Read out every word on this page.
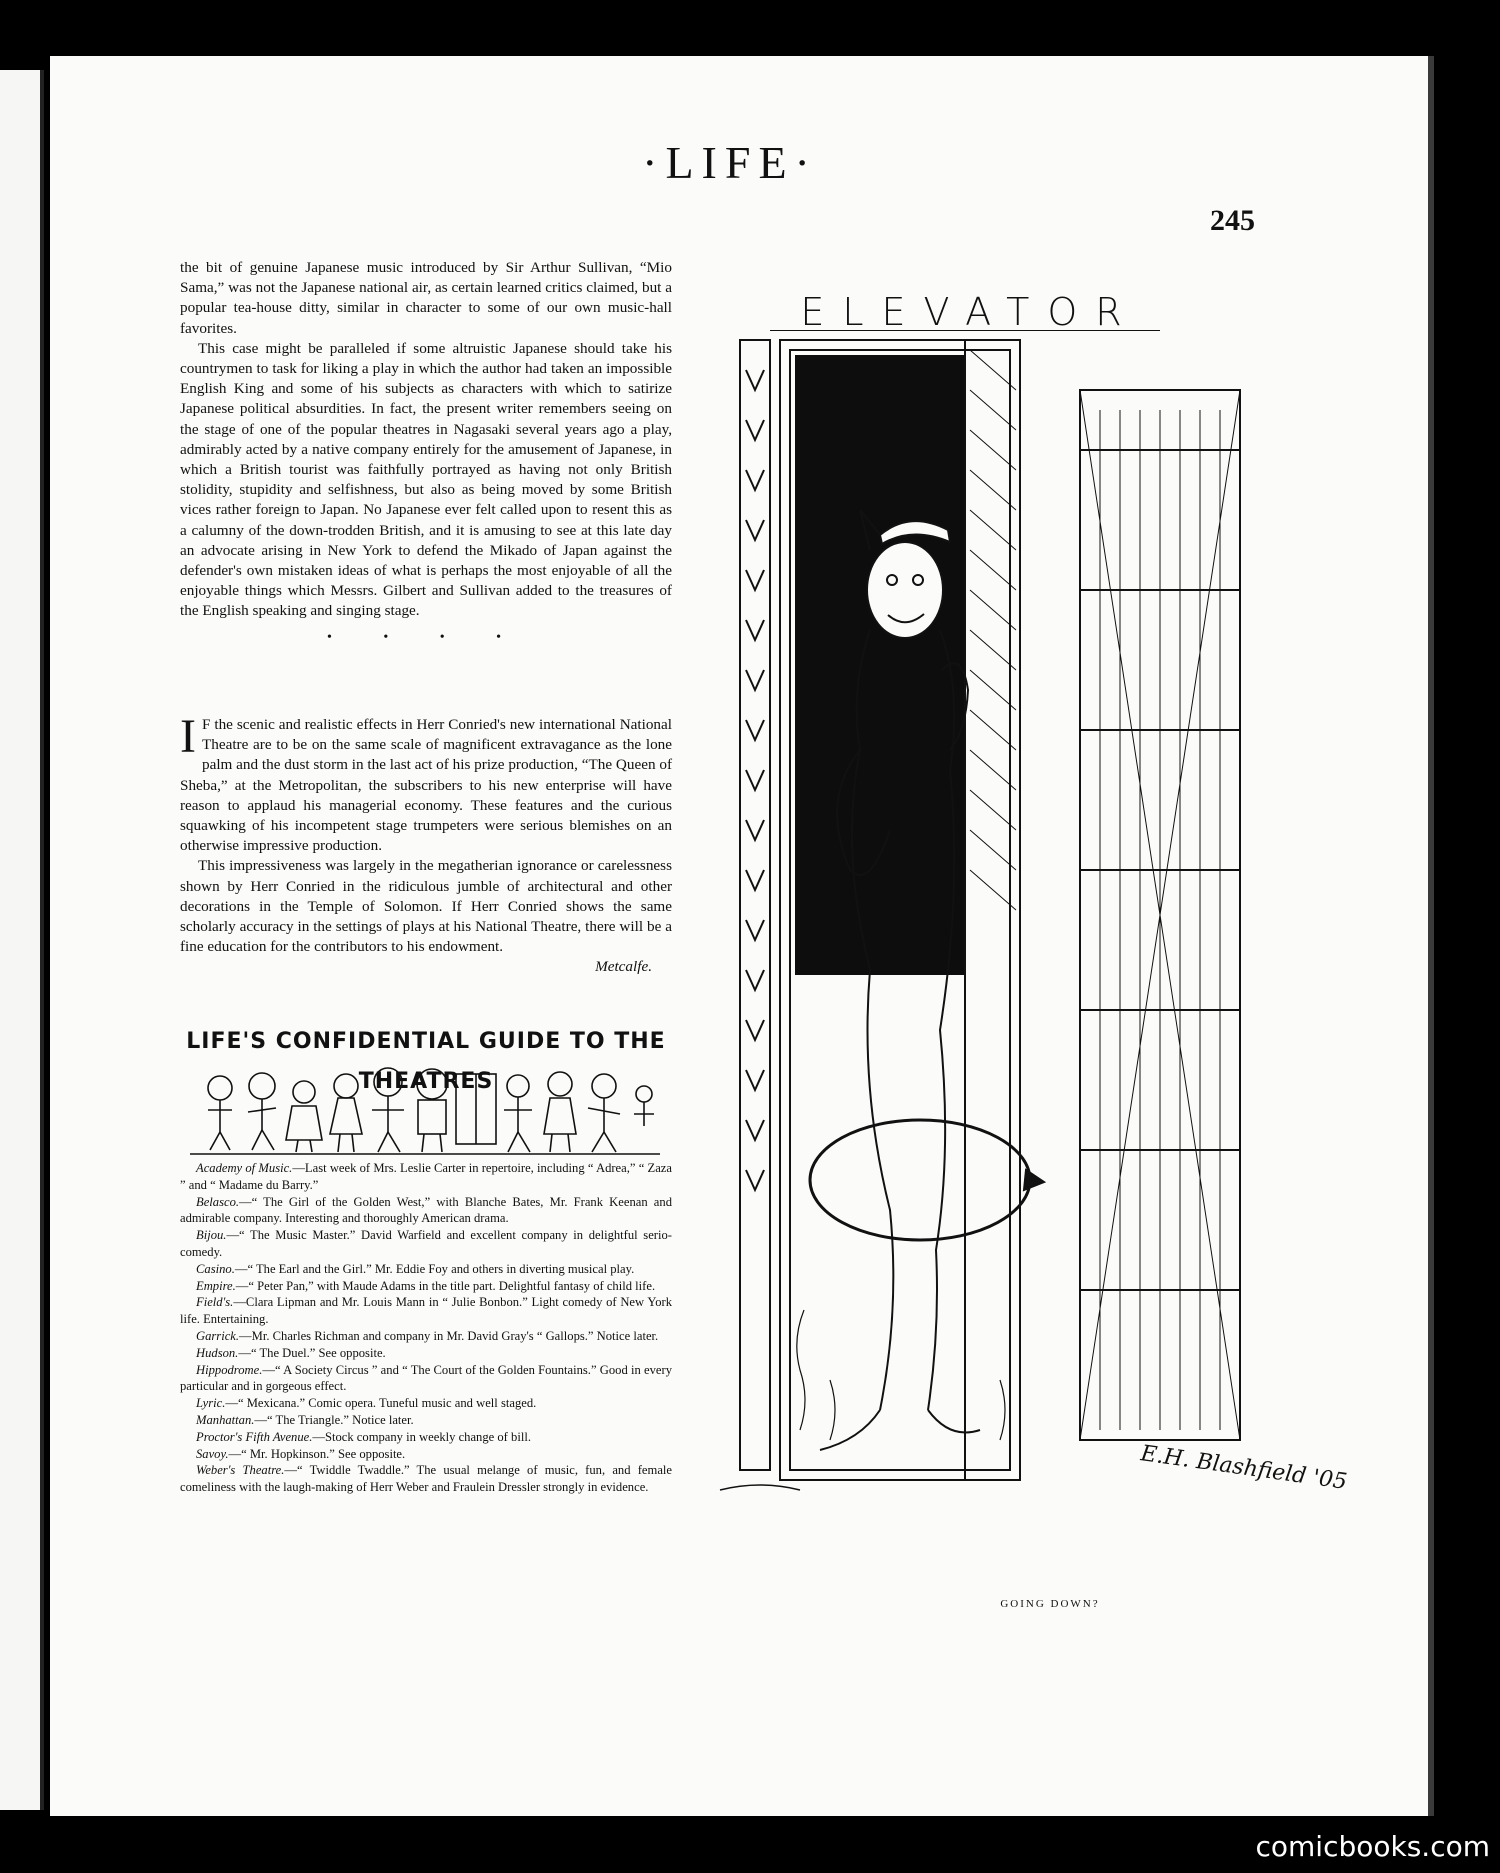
·LIFE·
245

the bit of genuine Japanese music introduced by Sir Arthur Sullivan, “Mio Sama,” was not the Japanese national air, as certain learned critics claimed, but a popular tea-house ditty, similar in character to some of our own music-hall favorites.

This case might be paralleled if some altruistic Japanese should take his countrymen to task for liking a play in which the author had taken an impossible English King and some of his subjects as characters with which to satirize Japanese political absurdities. In fact, the present writer remembers seeing on the stage of one of the popular theatres in Nagasaki several years ago a play, admirably acted by a native company entirely for the amusement of Japanese, in which a British tourist was faithfully portrayed as having not only British stolidity, stupidity and selfishness, but also as being moved by some British vices rather foreign to Japan. No Japanese ever felt called upon to resent this as a calumny of the down-trodden British, and it is amusing to see at this late day an advocate arising in New York to defend the Mikado of Japan against the defender's own mistaken ideas of what is perhaps the most enjoyable of all the enjoyable things which Messrs. Gilbert and Sullivan added to the treasures of the English speaking and singing stage.

• • • •

I F the scenic and realistic effects in Herr Conried's new international National Theatre are to be on the same scale of magnificent extravagance as the lone palm and the dust storm in the last act of his prize production, “The Queen of Sheba,” at the Metropolitan, the subscribers to his new enterprise will have reason to applaud his managerial economy. These features and the curious squawking of his incompetent stage trumpeters were serious blemishes on an otherwise impressive production.

This impressiveness was largely in the megatherian ignorance or carelessness shown by Herr Conried in the ridiculous jumble of architectural and other decorations in the Temple of Solomon. If Herr Conried shows the same scholarly accuracy in the settings of plays at his National Theatre, there will be a fine education for the contributors to his endowment.

Metcalfe.
LIFE'S CONFIDENTIAL GUIDE TO THE THEATRES

Academy of Music.—Last week of Mrs. Leslie Carter in repertoire, including “ Adrea,” “ Zaza ” and “ Madame du Barry.”

Belasco.—“ The Girl of the Golden West,” with Blanche Bates, Mr. Frank Keenan and admirable company. Interesting and thoroughly American drama.

Bijou.—“ The Music Master.” David Warfield and excellent company in delightful serio-comedy.

Casino.—“ The Earl and the Girl.” Mr. Eddie Foy and others in diverting musical play.

Empire.—“ Peter Pan,” with Maude Adams in the title part. Delightful fantasy of child life.

Field's.—Clara Lipman and Mr. Louis Mann in “ Julie Bonbon.” Light comedy of New York life. Entertaining.

Garrick.—Mr. Charles Richman and company in Mr. David Gray's “ Gallops.” Notice later.

Hudson.—“ The Duel.” See opposite.

Hippodrome.—“ A Society Circus ” and “ The Court of the Golden Fountains.” Good in every particular and in gorgeous effect.

Lyric.—“ Mexicana.” Comic opera. Tuneful music and well staged.

Manhattan.—“ The Triangle.” Notice later.

Proctor's Fifth Avenue.—Stock company in weekly change of bill.

Savoy.—“ Mr. Hopkinson.” See opposite.

Weber's Theatre.—“ Twiddle Twaddle.” The usual melange of music, fun, and female comeliness with the laugh-making of Herr Weber and Fraulein Dressler strongly in evidence.

ELEVATOR
E.H. Blashfield '05
GOING DOWN?
comicbooks.com
